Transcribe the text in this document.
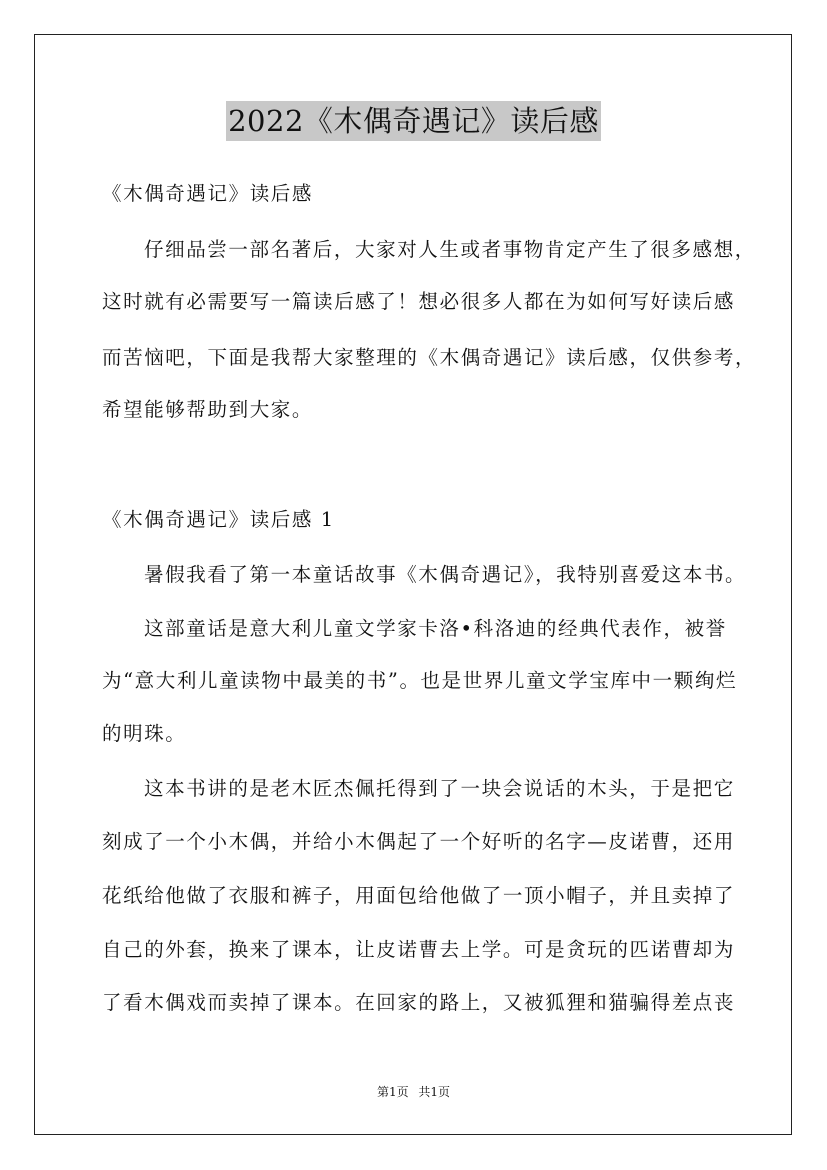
2022《木偶奇遇记》读后感
《木偶奇遇记》读后感
仔细品尝一部名著后，大家对人生或者事物肯定产生了很多感想，
这时就有必需要写一篇读后感了！想必很多人都在为如何写好读后感
而苦恼吧，下面是我帮大家整理的《木偶奇遇记》读后感，仅供参考，
希望能够帮助到大家。
《木偶奇遇记》读后感 1
暑假我看了第一本童话故事《木偶奇遇记》，我特别喜爱这本书。
这部童话是意大利儿童文学家卡洛•科洛迪的经典代表作，被誉
为“意大利儿童读物中最美的书”。也是世界儿童文学宝库中一颗绚烂
的明珠。
这本书讲的是老木匠杰佩托得到了一块会说话的木头，于是把它
刻成了一个小木偶，并给小木偶起了一个好听的名字—皮诺曹，还用
花纸给他做了衣服和裤子，用面包给他做了一顶小帽子，并且卖掉了
自己的外套，换来了课本，让皮诺曹去上学。可是贪玩的匹诺曹却为
了看木偶戏而卖掉了课本。在回家的路上，又被狐狸和猫骗得差点丧
第1页 共1页
